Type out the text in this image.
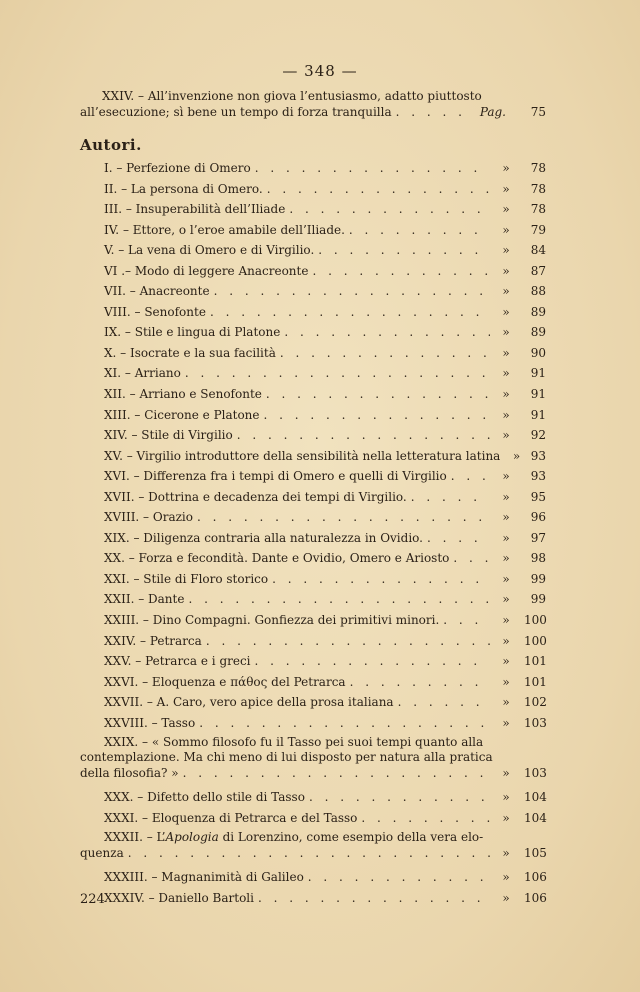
— 348 —
XXIV. – All’invenzione non giova l’entusiasmo, adatto piuttosto
all’esecuzione; sì bene un tempo di forza tranquilla . . .	Pag.	75
Autori.
I. – Perfezione di Omero . . .	»	78
II. – La persona di Omero. . . .	»	78
III. – Insuperabilità dell’Iliade . . .	»	78
IV. – Ettore, o l’eroe amabile dell’Iliade. . . .	»	79
V. – La vena di Omero e di Virgilio. . . .	»	84
VI .– Modo di leggere Anacreonte . . .	»	87
VII. – Anacreonte . . .	»	88
VIII. – Senofonte . . .	»	89
IX. – Stile e lingua di Platone . . .	»	89
X. – Isocrate e la sua facilità . . .	»	90
XI. – Arriano . . .	»	91
XII. – Arriano e Senofonte . . .	»	91
XIII. – Cicerone e Platone . . .	»	91
XIV. – Stile di Virgilio . . .	»	92
XV. – Virgilio introduttore della sensibilità nella letteratura latina . . . » 93
XVI. – Differenza fra i tempi di Omero e quelli di Virgilio . . .	»	93
XVII. – Dottrina e decadenza dei tempi di Virgilio. . . .	»	95
XVIII. – Orazio . . .	»	96
XIX. – Diligenza contraria alla naturalezza in Ovidio. . . .	»	97
XX. – Forza e fecondità. Dante e Ovidio, Omero e Ariosto . . .	»	98
XXI. – Stile di Floro storico . . .	»	99
XXII. – Dante . . .	»	99
XXIII. – Dino Compagni. Gonfiezza dei primitivi minori. . . .	»	100
XXIV. – Petrarca . . .	»	100
XXV. – Petrarca e i greci . . .	»	101
XXVI. – Eloquenza e πάθος del Petrarca . . .	»	101
XXVII. – A. Caro, vero apice della prosa italiana . . .	»	102
XXVIII. – Tasso . . .	»	103
XXIX. – « Sommo filosofo fu il Tasso pei suoi tempi quanto alla
contemplazione. Ma chi meno di lui disposto per natura alla pratica
della filosofia? » . . .	»	103
XXX. – Difetto dello stile di Tasso . . .	»	104
XXXI. – Eloquenza di Petrarca e del Tasso . . .	»	104
XXXII. – L’Apologia di Lorenzino, come esempio della vera elo-
quenza . . .	»	105
XXXIII. – Magnanimità di Galileo . . .	»	106
XXXIV. – Daniello Bartoli . . .	»	106
224
